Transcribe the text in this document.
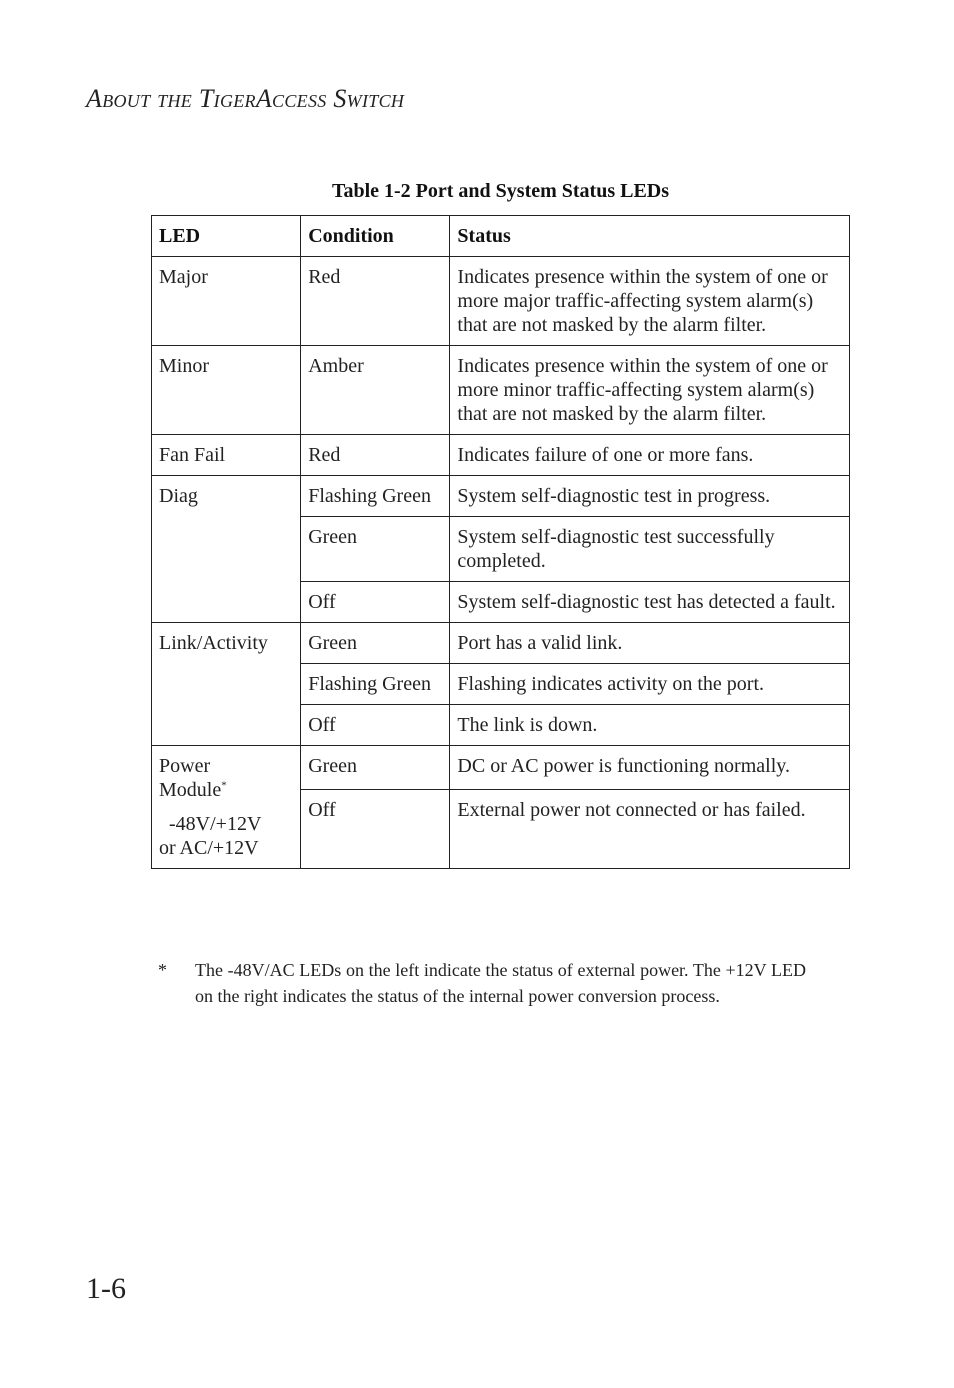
About the TigerAccess Switch
Table 1-2 Port and System Status LEDs
LED	Condition	Status
Major	Red	Indicates presence within the system of one or more major traffic-affecting system alarm(s) that are not masked by the alarm filter.
Minor	Amber	Indicates presence within the system of one or more minor traffic-affecting system alarm(s) that are not masked by the alarm filter.
Fan Fail	Red	Indicates failure of one or more fans.
Diag	Flashing Green	System self-diagnostic test in progress.
	Green	System self-diagnostic test successfully completed.
	Off	System self-diagnostic test has detected a fault.
Link/Activity	Green	Port has a valid link.
	Flashing Green	Flashing indicates activity on the port.
	Off	The link is down.
Power
Module*
-48V/+12V
or AC/+12V	Green	DC or AC power is functioning normally.
	Off	External power not connected or has failed.
* The -48V/AC LEDs on the left indicate the status of external power. The +12V LED on the right indicates the status of the internal power conversion process.
1-6
